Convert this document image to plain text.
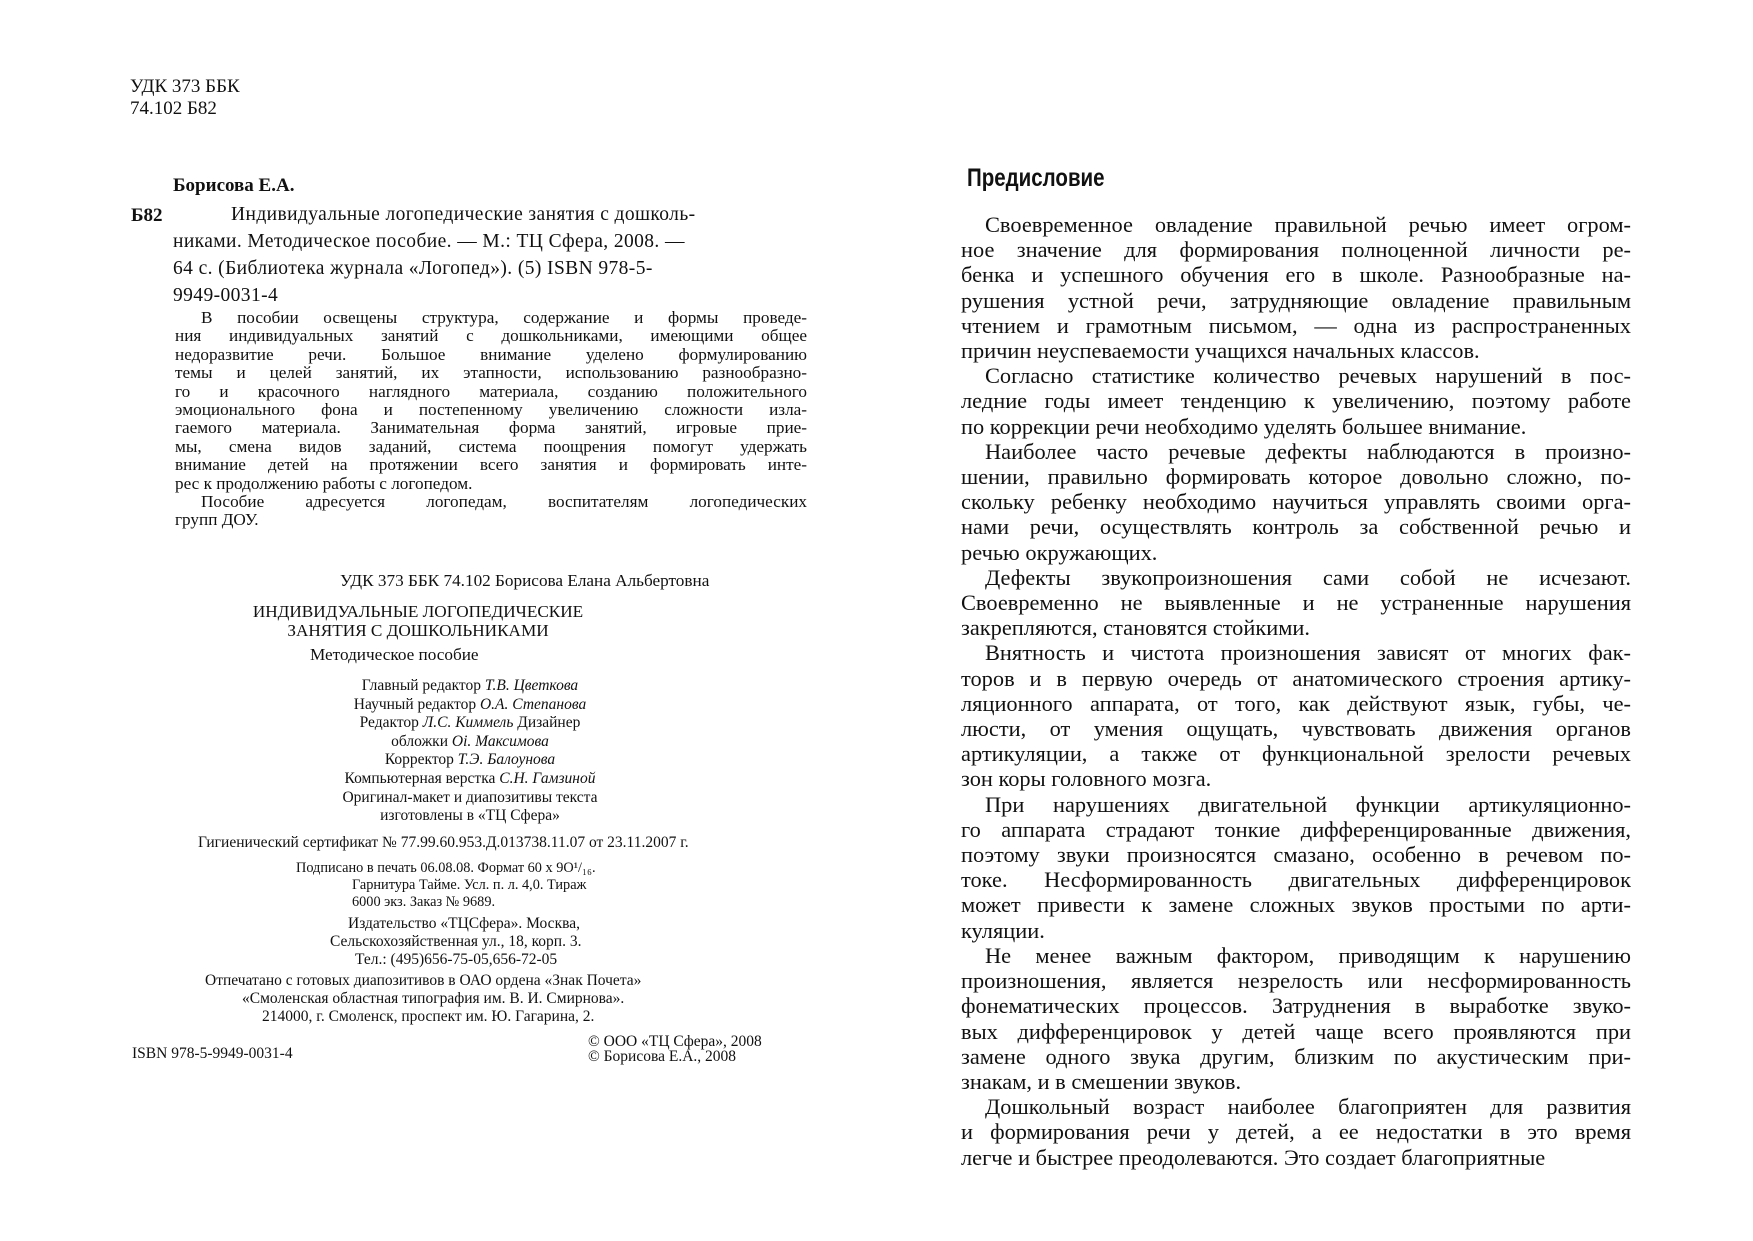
УДК 373 ББК
74.102 Б82
Борисова Е.А.
Б82	Индивидуальные логопедические занятия с дошколь-
никами. Методическое пособие. — М.: ТЦ Сфера, 2008. —
64 с. (Библиотека журнала «Логопед»). (5) ISBN 978-5-
9949-0031-4
В пособии освещены структура, содержание и формы проведе-
ния индивидуальных занятий с дошкольниками, имеющими общее
недоразвитие речи. Большое внимание уделено формулированию
темы и целей занятий, их этапности, использованию разнообразно-
го и красочного наглядного материала, созданию положительного
эмоционального фона и постепенному увеличению сложности изла-
гаемого материала. Занимательная форма занятий, игровые прие-
мы, смена видов заданий, система поощрения помогут удержать
внимание детей на протяжении всего занятия и формировать инте-
рес к продолжению работы с логопедом.
Пособие адресуется логопедам, воспитателям логопедических
групп ДОУ.
УДК 373 ББК 74.102 Борисова Елана Альбертовна
ИНДИВИДУАЛЬНЫЕ ЛОГОПЕДИЧЕСКИЕ
ЗАНЯТИЯ С ДОШКОЛЬНИКАМИ
Методическое пособие
Главный редактор Т.В. Цветкова
Научный редактор О.А. Степанова
Редактор Л.С. Киммель Дизайнер
обложки Оі. Максимова
Корректор Т.Э. Балоунова
Компьютерная верстка С.Н. Гамзиной
Оригинал-макет и диапозитивы текста
изготовлены в «ТЦ Сфера»
Гигиенический сертификат № 77.99.60.953.Д.013738.11.07 от 23.11.2007 г.
Подписано в печать 06.08.08. Формат 60 x 9О¹/₁₆.
Гарнитура Тайме. Усл. п. л. 4,0. Тираж
6000 экз. Заказ № 9689.
Издательство «ТЦСфера». Москва,
Сельскохозяйственная ул., 18, корп. 3.
Тел.: (495)656-75-05,656-72-05
Отпечатано с готовых диапозитивов в ОАО ордена «Знак Почета»
«Смоленская областная типография им. В. И. Смирнова».
214000, г. Смоленск, проспект им. Ю. Гагарина, 2.
ISBN 978-5-9949-0031-4
© ООО «ТЦ Сфера», 2008
© Борисова Е.А., 2008
Предисловие

Своевременное овладение правильной речью имеет огром-
ное значение для формирования полноценной личности ре-
бенка и успешного обучения его в школе. Разнообразные на-
рушения устной речи, затрудняющие овладение правильным
чтением и грамотным письмом, — одна из распространенных
причин неуспеваемости учащихся начальных классов.

Согласно статистике количество речевых нарушений в пос-
ледние годы имеет тенденцию к увеличению, поэтому работе
по коррекции речи необходимо уделять большее внимание.

Наиболее часто речевые дефекты наблюдаются в произно-
шении, правильно формировать которое довольно сложно, по-
скольку ребенку необходимо научиться управлять своими орга-
нами речи, осуществлять контроль за собственной речью и
речью окружающих.

Дефекты звукопроизношения сами собой не исчезают.
Своевременно не выявленные и не устраненные нарушения
закрепляются, становятся стойкими.

Внятность и чистота произношения зависят от многих фак-
торов и в первую очередь от анатомического строения артику-
ляционного аппарата, от того, как действуют язык, губы, че-
люсти, от умения ощущать, чувствовать движения органов
артикуляции, а также от функциональной зрелости речевых
зон коры головного мозга.

При нарушениях двигательной функции артикуляционно-
го аппарата страдают тонкие дифференцированные движения,
поэтому звуки произносятся смазано, особенно в речевом по-
токе. Несформированность двигательных дифференцировок
может привести к замене сложных звуков простыми по арти-
куляции.

Не менее важным фактором, приводящим к нарушению
произношения, является незрелость или несформированность
фонематических процессов. Затруднения в выработке звуко-
вых дифференцировок у детей чаще всего проявляются при
замене одного звука другим, близким по акустическим при-
знакам, и в смешении звуков.

Дошкольный возраст наиболее благоприятен для развития
и формирования речи у детей, а ее недостатки в это время
легче и быстрее преодолеваются. Это создает благоприятные
